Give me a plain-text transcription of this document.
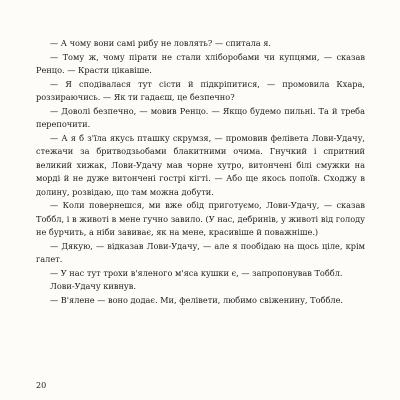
— А чому вони самі рибу не ловлять? — спитала я.

— Тому ж, чому пірати не стали хліборобами чи купцями, — сказав Ренцо. — Красти цікавіше.

— Я сподівалася тут сісти й підкріпитися, — промовила Кхара, роззираючись. — Як ти гадаєш, це безпечно?

— Доволі безпечно, — мовив Ренцо. — Якщо будемо пильні. Та й треба перепочити.

— А я б з'їла якусь пташку скрумзя, — промовив фелівета Лови-Удачу, стежачи за бритводзьобами блакитними очима. Гнучкий і спритний великий хижак, Лови-Удачу мав чорне хутро, витончені білі смужки на морді й не дуже витончені гострі кігті. — Або ще якось попоїв. Сходжу в долину, розвідаю, що там можна добути.

— Коли повернешся, ми вже обід приготуємо, Лови-Удачу, — сказав Тоббл, і в животі в мене гучно завило. (У нас, дебринів, у животі від голоду не бурчить, а ніби завиває, як на мене, красивіше й поважніше.)

— Дякую, — відказав Лови-Удачу, — але я пообідаю на щось ціле, крім галет.

— У нас тут трохи в'яленого м'яса кушки є, — запропонував Тоббл.

Лови-Удачу кивнув.

— В'ялене — воно додає. Ми, фелівети, любимо свіженину, Тоббле.

20
